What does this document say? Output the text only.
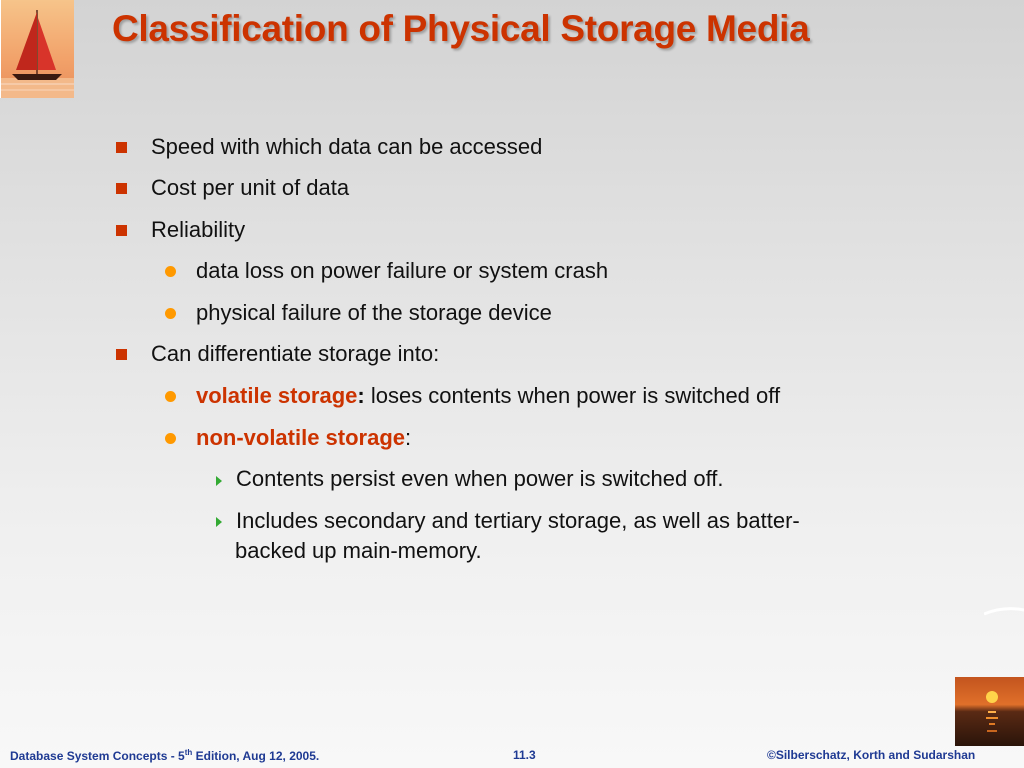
Classification of Physical Storage Media
Speed with which data can be accessed
Cost per unit of data
Reliability
data loss on power failure or system crash
physical failure of the storage device
Can differentiate storage into:
volatile storage: loses contents when power is switched off
non-volatile storage:
Contents persist even when power is switched off.
Includes secondary and tertiary storage, as well as batter-
backed up main-memory.
Database System Concepts - 5th Edition, Aug 12, 2005.	11.3	©Silberschatz, Korth and Sudarshan
